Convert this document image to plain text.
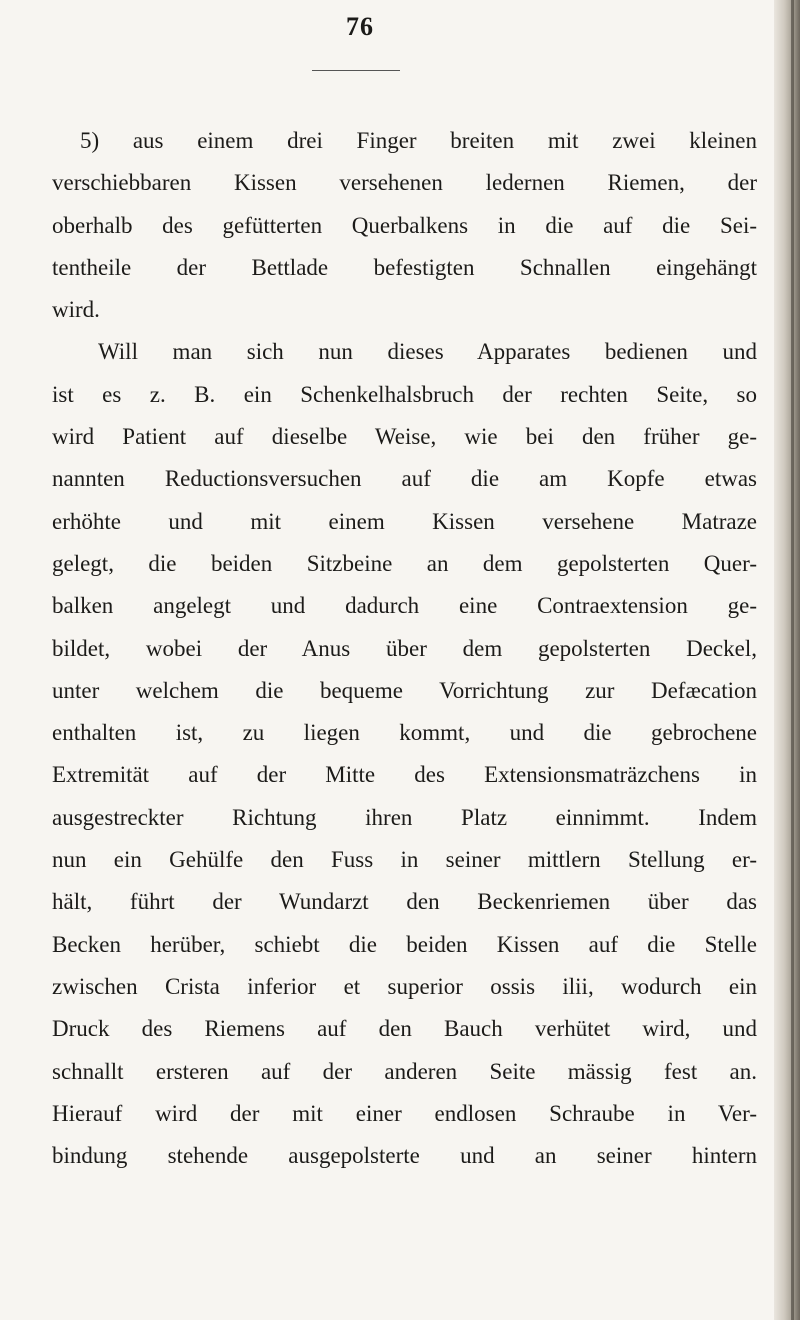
76
5) aus einem drei Finger breiten mit zwei kleinen
verschiebbaren Kissen versehenen ledernen Riemen, der
oberhalb des gefütterten Querbalkens in die auf die Sei-
tentheile der Bettlade befestigten Schnallen eingehängt
wird.
Will man sich nun dieses Apparates bedienen und
ist es z. B. ein Schenkelhalsbruch der rechten Seite, so
wird Patient auf dieselbe Weise, wie bei den früher ge-
nannten Reductionsversuchen auf die am Kopfe etwas
erhöhte und mit einem Kissen versehene Matraze
gelegt, die beiden Sitzbeine an dem gepolsterten Quer-
balken angelegt und dadurch eine Contraextension ge-
bildet, wobei der Anus über dem gepolsterten Deckel,
unter welchem die bequeme Vorrichtung zur Defæcation
enthalten ist, zu liegen kommt, und die gebrochene
Extremität auf der Mitte des Extensionsmaträzchens in
ausgestreckter Richtung ihren Platz einnimmt. Indem
nun ein Gehülfe den Fuss in seiner mittlern Stellung er-
hält, führt der Wundarzt den Beckenriemen über das
Becken herüber, schiebt die beiden Kissen auf die Stelle
zwischen Crista inferior et superior ossis ilii, wodurch ein
Druck des Riemens auf den Bauch verhütet wird, und
schnallt ersteren auf der anderen Seite mässig fest an.
Hierauf wird der mit einer endlosen Schraube in Ver-
bindung stehende ausgepolsterte und an seiner hintern
